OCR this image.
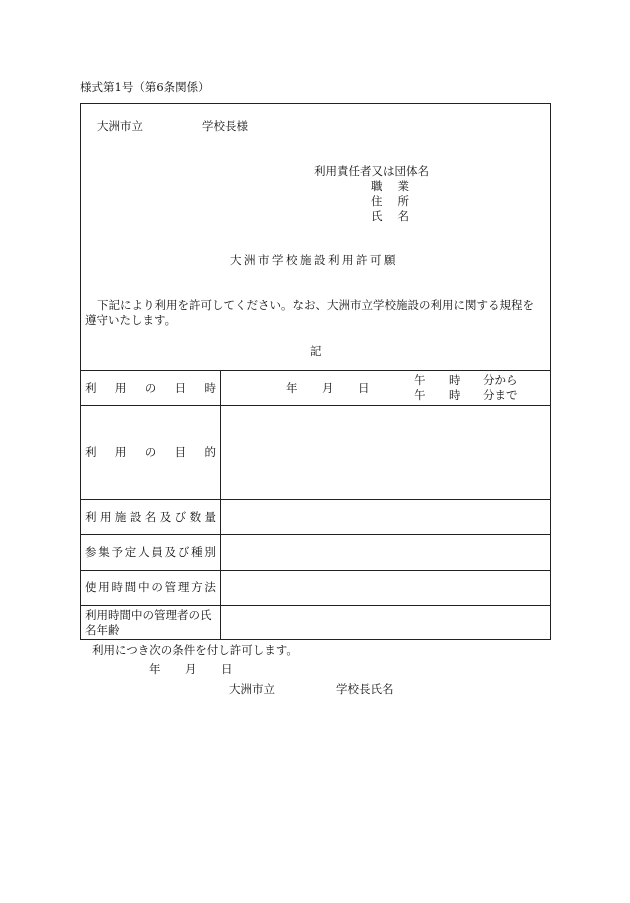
様式第1号（第6条関係）
大洲市立	学校長様
利用責任者又は団体名
職 業
住 所
氏 名
大洲市学校施設利用許可願
下記により利用を許可してください。なお、大洲市立学校施設の利用に関する規程を
遵守いたします。
記
利 用 の 日 時	年 月 日
午 時 分から
午 時 分まで
利 用 の 目 的
利 用 施 設 名 及 び 数 量
参 集 予 定 人 員 及 び 種 別
使 用 時 間 中 の 管 理 方 法
利用時間中の管理者の氏
名年齢
利用につき次の条件を付し許可します。
年 月 日
大洲市立	学校長氏名
